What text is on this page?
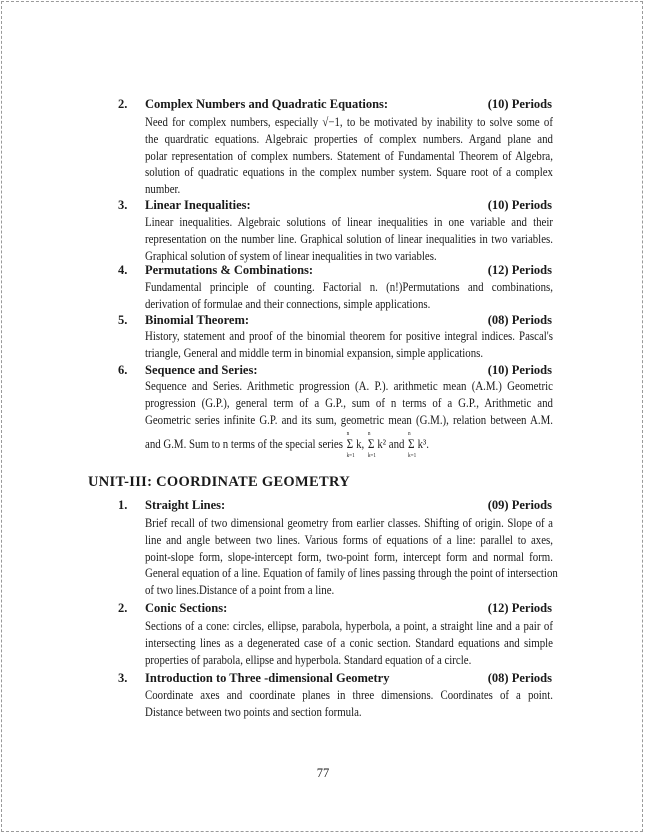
2. Complex Numbers and Quadratic Equations:	(10) Periods
Need for complex numbers, especially √−1, to be motivated by inability to solve some of
the quardratic equations. Algebraic properties of complex numbers. Argand plane and
polar representation of complex numbers. Statement of Fundamental Theorem of Algebra,
solution of quadratic equations in the complex number system. Square root of a complex
number.
3. Linear Inequalities:	(10) Periods
Linear inequalities. Algebraic solutions of linear inequalities in one variable and their
representation on the number line. Graphical solution of linear inequalities in two variables.
Graphical solution of system of linear inequalities in two variables.
4. Permutations & Combinations:	(12) Periods
Fundamental principle of counting. Factorial n. (n!)Permutations and combinations,
derivation of formulae and their connections, simple applications.
5. Binomial Theorem:	(08) Periods
History, statement and proof of the binomial theorem for positive integral indices. Pascal's
triangle, General and middle term in binomial expansion, simple applications.
6. Sequence and Series:	(10) Periods
Sequence and Series. Arithmetic progression (A. P.). arithmetic mean (A.M.) Geometric
progression (G.P.), general term of a G.P., sum of n terms of a G.P., Arithmetic and
Geometric series infinite G.P. and its sum, geometric mean (G.M.), relation between A.M.
and G.M. Sum to n terms of the special series
n
Σ
k=1
k,
n
Σ
k=1
k² and
n
Σ
k=1
k³.
1. Straight Lines:	(09) Periods
Brief recall of two dimensional geometry from earlier classes. Shifting of origin. Slope of a
line and angle between two lines. Various forms of equations of a line: parallel to axes,
point-slope form, slope-intercept form, two-point form, intercept form and normal form.
General equation of a line. Equation of family of lines passing through the point of intersection
of two lines.Distance of a point from a line.
2. Conic Sections:	(12) Periods
Sections of a cone: circles, ellipse, parabola, hyperbola, a point, a straight line and a pair of
intersecting lines as a degenerated case of a conic section. Standard equations and simple
properties of parabola, ellipse and hyperbola. Standard equation of a circle.
3. Introduction to Three -dimensional Geometry	(08) Periods
Coordinate axes and coordinate planes in three dimensions. Coordinates of a point.
Distance between two points and section formula.
UNIT-III: COORDINATE GEOMETRY
77
